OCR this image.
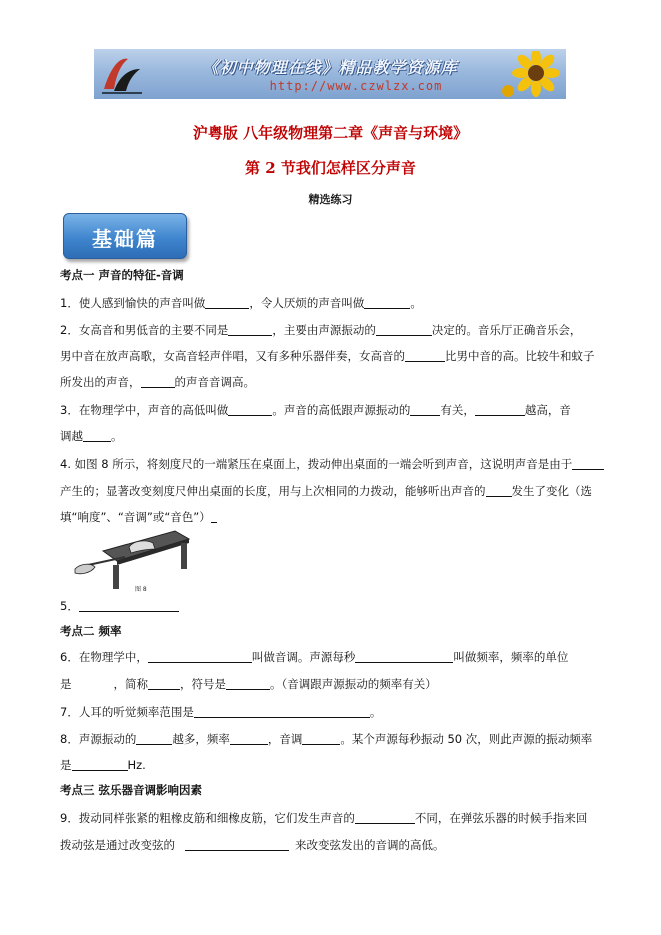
《初中物理在线》精品教学资源库
http://www.czwlzx.com
沪粤版 八年级物理第二章《声音与环境》
第 2 节我们怎样区分声音
精选练习
基础篇
考点一 声音的特征-音调
1．使人感到愉快的声音叫做	，令人厌烦的声音叫做	。
2．女高音和男低音的主要不同是	，主要由声源振动的	决定的。音乐厅正确音乐会，
男中音在放声高歌，女高音轻声伴唱，又有多种乐器伴奏，女高音的	比男中音的高。比较牛和蚊子
所发出的声音，	的声音音调高。
3．在物理学中，声音的高低叫做	。声音的高低跟声源振动的	有关，	越高，音
调越 。
4. 如图 8 所示，将刻度尺的一端紧压在桌面上，拨动伸出桌面的一端会听到声音，这说明声音是由于
产生的；显著改变刻度尺伸出桌面的长度，用与上次相同的力拨动，能够听出声音的 发生了变化（选
填“响度”、“音调”或“音色”）
图 8
5．
考点二 频率
6．在物理学中，	叫做音调。声源每秒	叫做频率，频率的单位
是	，简称	，符号是	。（音调跟声源振动的频率有关）
7．人耳的听觉频率范围是	。
8．声源振动的	越多，频率	，音调	。某个声源每秒振动 50 次，则此声源的振动频率
是	Hz.
考点三 弦乐器音调影响因素
9．拨动同样张紧的粗橡皮筋和细橡皮筋，它们发生声音的	不同，在弹弦乐器的时候手指来回
拨动弦是通过改变弦的	来改变弦发出的音调的高低。
